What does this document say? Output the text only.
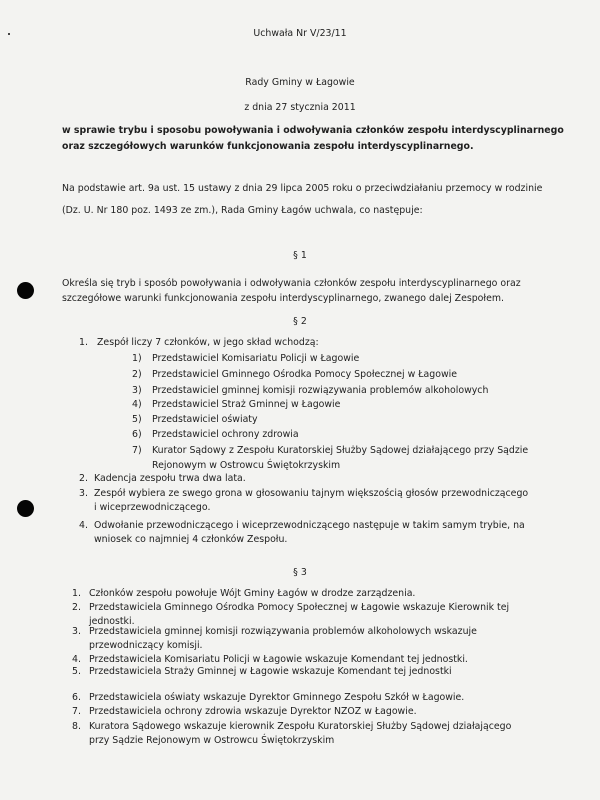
Uchwała Nr V/23/11
Rady Gminy w Łagowie
z dnia 27 stycznia 2011
w sprawie trybu i sposobu powoływania i odwoływania członków zespołu interdyscyplinarnego
oraz szczegółowych warunków funkcjonowania zespołu interdyscyplinarnego.
Na podstawie art. 9a ust. 15 ustawy z dnia 29 lipca 2005 roku o przeciwdziałaniu przemocy w rodzinie
(Dz. U. Nr 180 poz. 1493 ze zm.), Rada Gminy Łagów uchwala, co następuje:
§ 1
Określa się tryb i sposób powoływania i odwoływania członków zespołu interdyscyplinarnego oraz
szczegółowe warunki funkcjonowania zespołu interdyscyplinarnego, zwanego dalej Zespołem.
§ 2
1. Zespół liczy 7 członków, w jego skład wchodzą:
1) Przedstawiciel Komisariatu Policji w Łagowie
2) Przedstawiciel Gminnego Ośrodka Pomocy Społecznej w Łagowie
3) Przedstawiciel gminnej komisji rozwiązywania problemów alkoholowych
4) Przedstawiciel Straż Gminnej w Łagowie
5) Przedstawiciel oświaty
6) Przedstawiciel ochrony zdrowia
7) Kurator Sądowy z Zespołu Kuratorskiej Służby Sądowej działającego przy Sądzie
Rejonowym w Ostrowcu Świętokrzyskim
2. Kadencja zespołu trwa dwa lata.
3. Zespół wybiera ze swego grona w głosowaniu tajnym większością głosów przewodniczącego
i wiceprzewodniczącego.
4. Odwołanie przewodniczącego i wiceprzewodniczącego następuje w takim samym trybie, na
wniosek co najmniej 4 członków Zespołu.
§ 3
1. Członków zespołu powołuje Wójt Gminy Łagów w drodze zarządzenia.
2. Przedstawiciela Gminnego Ośrodka Pomocy Społecznej w Łagowie wskazuje Kierownik tej
jednostki.
3. Przedstawiciela gminnej komisji rozwiązywania problemów alkoholowych wskazuje
przewodniczący komisji.
4. Przedstawiciela Komisariatu Policji w Łagowie wskazuje Komendant tej jednostki.
5. Przedstawiciela Straży Gminnej w Łagowie wskazuje Komendant tej jednostki
6. Przedstawiciela oświaty wskazuje Dyrektor Gminnego Zespołu Szkół w Łagowie.
7. Przedstawiciela ochrony zdrowia wskazuje Dyrektor NZOZ w Łagowie.
8. Kuratora Sądowego wskazuje kierownik Zespołu Kuratorskiej Służby Sądowej działającego
przy Sądzie Rejonowym w Ostrowcu Świętokrzyskim
